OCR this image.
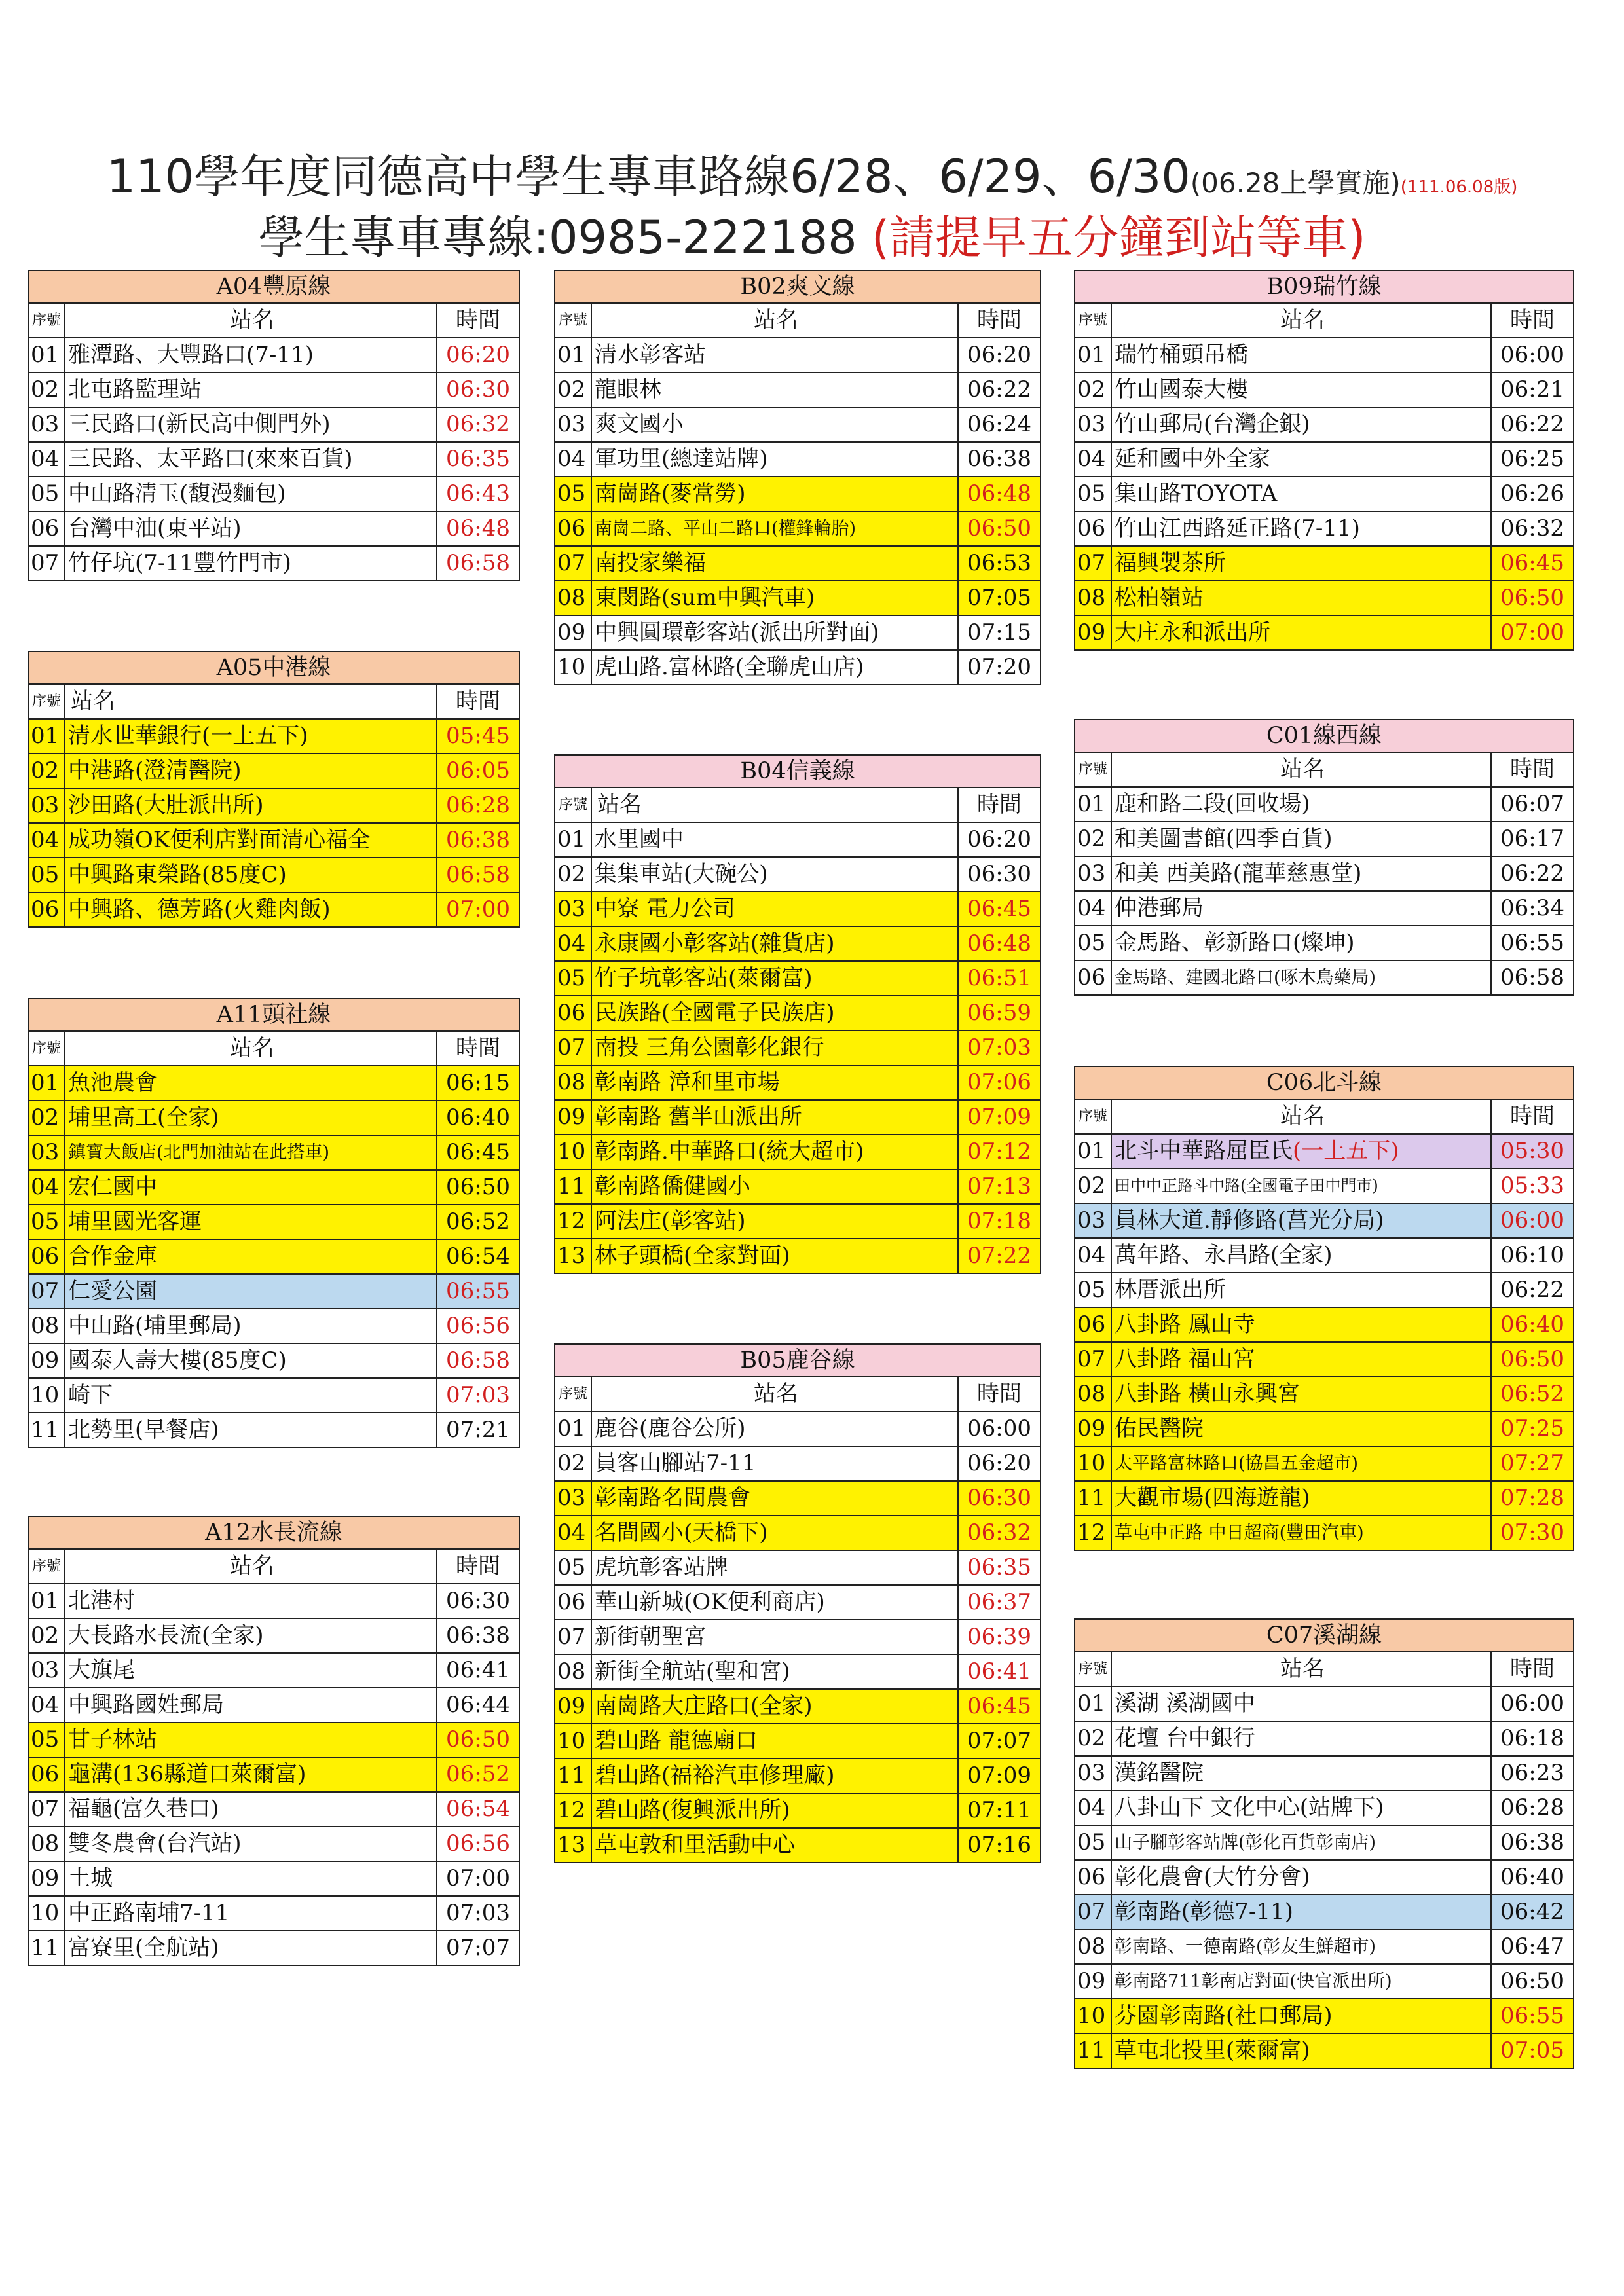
110學年度同德高中學生專車路線6/28、6/29、6/30(06.28上學實施)(111.06.08版)
學生專車專線:0985-222188 (請提早五分鐘到站等車)
A04豐原線
序號	站名	時間
01 雅潭路、大豐路口(7-11)	06:20
02 北屯路監理站	06:30
03 三民路口(新民高中側門外)	06:32
04 三民路、太平路口(來來百貨)	06:35
05 中山路清玉(馥漫麵包)	06:43
06 台灣中油(東平站)	06:48
07 竹仔坑(7-11豐竹門市)	06:58
A05中港線
序號 站名	時間
01 清水世華銀行(一上五下)	05:45
02 中港路(澄清醫院)	06:05
03 沙田路(大肚派出所)	06:28
04 成功嶺OK便利店對面清心福全	06:38
05 中興路東榮路(85度C)	06:58
06 中興路、德芳路(火雞肉飯)	07:00
A11頭社線
序號	站名	時間
01 魚池農會	06:15
02 埔里高工(全家)	06:40
03 鎮寶大飯店(北門加油站在此搭車)	06:45
04 宏仁國中	06:50
05 埔里國光客運	06:52
06 合作金庫	06:54
07 仁愛公園	06:55
08 中山路(埔里郵局)	06:56
09 國泰人壽大樓(85度C)	06:58
10 崎下	07:03
11 北勢里(早餐店)	07:21
A12水長流線
序號	站名	時間
01 北港村	06:30
02 大長路水長流(全家)	06:38
03 大旗尾	06:41
04 中興路國姓郵局	06:44
05 甘子林站	06:50
06 龜溝(136縣道口萊爾富)	06:52
07 福龜(富久巷口)	06:54
08 雙冬農會(台汽站)	06:56
09 土城	07:00
10 中正路南埔7-11	07:03
11 富寮里(全航站)	07:07
B02爽文線
序號	站名	時間
01 清水彰客站	06:20
02 龍眼林	06:22
03 爽文國小	06:24
04 軍功里(總達站牌)	06:38
05 南崗路(麥當勞)	06:48
06 南崗二路、平山二路口(權鋒輪胎)	06:50
07 南投家樂福	06:53
08 東閔路(sum中興汽車)	07:05
09 中興圓環彰客站(派出所對面)	07:15
10 虎山路.富林路(全聯虎山店)	07:20
B04信義線
序號 站名	時間
01 水里國中	06:20
02 集集車站(大碗公)	06:30
03 中寮 電力公司	06:45
04 永康國小彰客站(雜貨店)	06:48
05 竹子坑彰客站(萊爾富)	06:51
06 民族路(全國電子民族店)	06:59
07 南投 三角公園彰化銀行	07:03
08 彰南路 漳和里市場	07:06
09 彰南路 舊半山派出所	07:09
10 彰南路.中華路口(統大超市)	07:12
11 彰南路僑健國小	07:13
12 阿法庄(彰客站)	07:18
13 林子頭橋(全家對面)	07:22
B05鹿谷線
序號	站名	時間
01 鹿谷(鹿谷公所)	06:00
02 員客山腳站7-11	06:20
03 彰南路名間農會	06:30
04 名間國小(天橋下)	06:32
05 虎坑彰客站牌	06:35
06 華山新城(OK便利商店)	06:37
07 新街朝聖宮	06:39
08 新街全航站(聖和宮)	06:41
09 南崗路大庄路口(全家)	06:45
10 碧山路 龍德廟口	07:07
11 碧山路(福裕汽車修理廠)	07:09
12 碧山路(復興派出所)	07:11
13 草屯敦和里活動中心	07:16
B09瑞竹線
序號	站名	時間
01 瑞竹桶頭吊橋	06:00
02 竹山國泰大樓	06:21
03 竹山郵局(台灣企銀)	06:22
04 延和國中外全家	06:25
05 集山路TOYOTA	06:26
06 竹山江西路延正路(7-11)	06:32
07 福興製茶所	06:45
08 松柏嶺站	06:50
09 大庄永和派出所	07:00
C01線西線
序號	站名	時間
01 鹿和路二段(回收場)	06:07
02 和美圖書館(四季百貨)	06:17
03 和美 西美路(龍華慈惠堂)	06:22
04 伸港郵局	06:34
05 金馬路、彰新路口(燦坤)	06:55
06 金馬路、建國北路口(啄木鳥藥局)	06:58
C06北斗線
序號	站名	時間
01 北斗中華路屈臣氏(一上五下)	05:30
02 田中中正路斗中路(全國電子田中門市)	05:33
03 員林大道.靜修路(莒光分局)	06:00
04 萬年路、永昌路(全家)	06:10
05 林厝派出所	06:22
06 八卦路 鳳山寺	06:40
07 八卦路 福山宮	06:50
08 八卦路 橫山永興宮	06:52
09 佑民醫院	07:25
10 太平路富林路口(協昌五金超市)	07:27
11 大觀市場(四海遊龍)	07:28
12 草屯中正路 中日超商(豐田汽車)	07:30
C07溪湖線
序號	站名	時間
01 溪湖 溪湖國中	06:00
02 花壇 台中銀行	06:18
03 漢銘醫院	06:23
04 八卦山下 文化中心(站牌下)	06:28
05 山子腳彰客站牌(彰化百貨彰南店)	06:38
06 彰化農會(大竹分會)	06:40
07 彰南路(彰德7-11)	06:42
08 彰南路、一德南路(彰友生鮮超市)	06:47
09 彰南路711彰南店對面(快官派出所)	06:50
10 芬園彰南路(社口郵局)	06:55
11 草屯北投里(萊爾富)	07:05
